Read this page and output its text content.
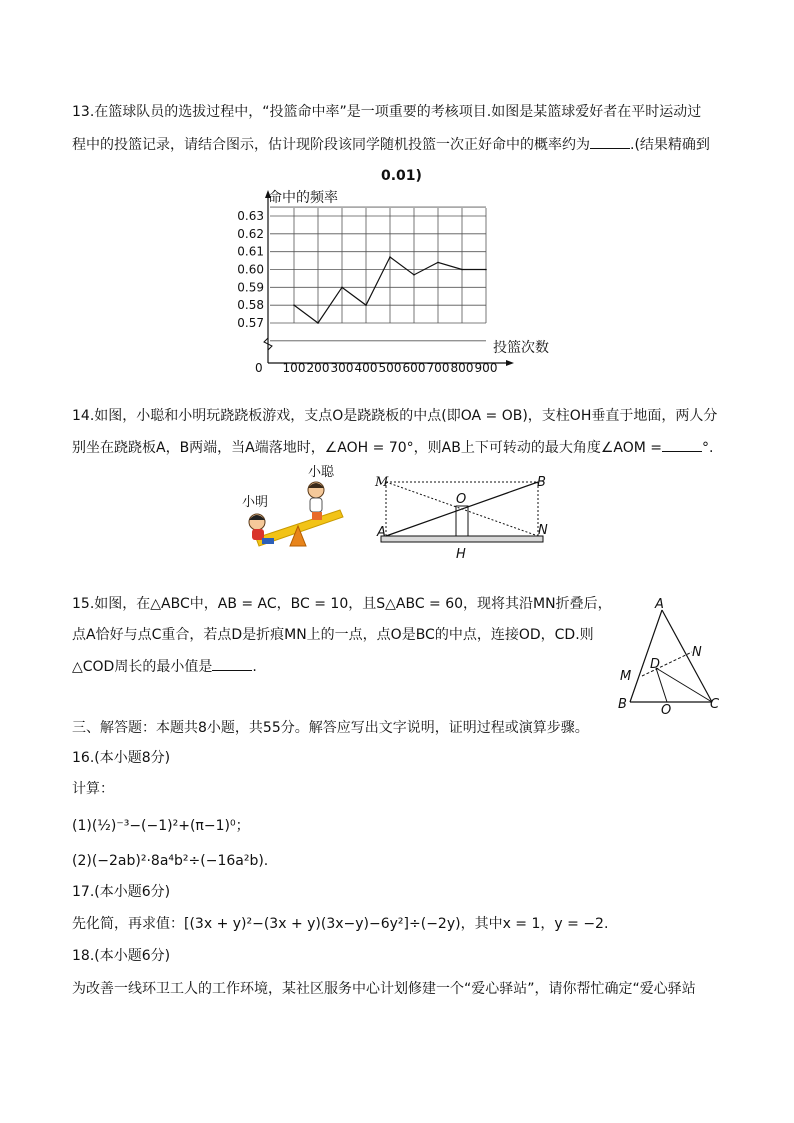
13.在篮球队员的选拔过程中，“投篮命中率”是一项重要的考核项目.如图是某篮球爱好者在平时运动过
程中的投篮记录，请结合图示，估计现阶段该同学随机投篮一次正好命中的概率约为	.(结果精确到
0.01)
命中的频率
投篮次数
0
0.63
0.62
0.61
0.60
0.59
0.58
0.57
100 200 300 400 500 600 700 800 900
14.如图，小聪和小明玩跷跷板游戏，支点O是跷跷板的中点(即OA = OB)，支柱OH垂直于地面，两人分
别坐在跷跷板A，B两端，当A端落地时，∠AOH = 70°，则AB上下可转动的最大角度∠AOM =	°.
小聪
小明
M
O
B
A	N
H
15.如图，在△ABC中，AB = AC，BC = 10，且S△ABC = 60，现将其沿MN折叠后，
点A恰好与点C重合，若点D是折痕MN上的一点，点O是BC的中点，连接OD，CD.则
△COD周长的最小值是	.
A
N
D
M
B	O	C
三、解答题：本题共8小题，共55分。解答应写出文字说明，证明过程或演算步骤。
16.(本小题8分)
计算：
(1)(½)⁻³−(−1)²+(π−1)⁰；
(2)(−2ab)²·8a⁴b²÷(−16a²b).
17.(本小题6分)
先化简，再求值：[(3x + y)²−(3x + y)(3x−y)−6y²]÷(−2y)，其中x = 1，y = −2.
18.(本小题6分)
为改善一线环卫工人的工作环境，某社区服务中心计划修建一个“爱心驿站”，请你帮忙确定“爱心驿站
